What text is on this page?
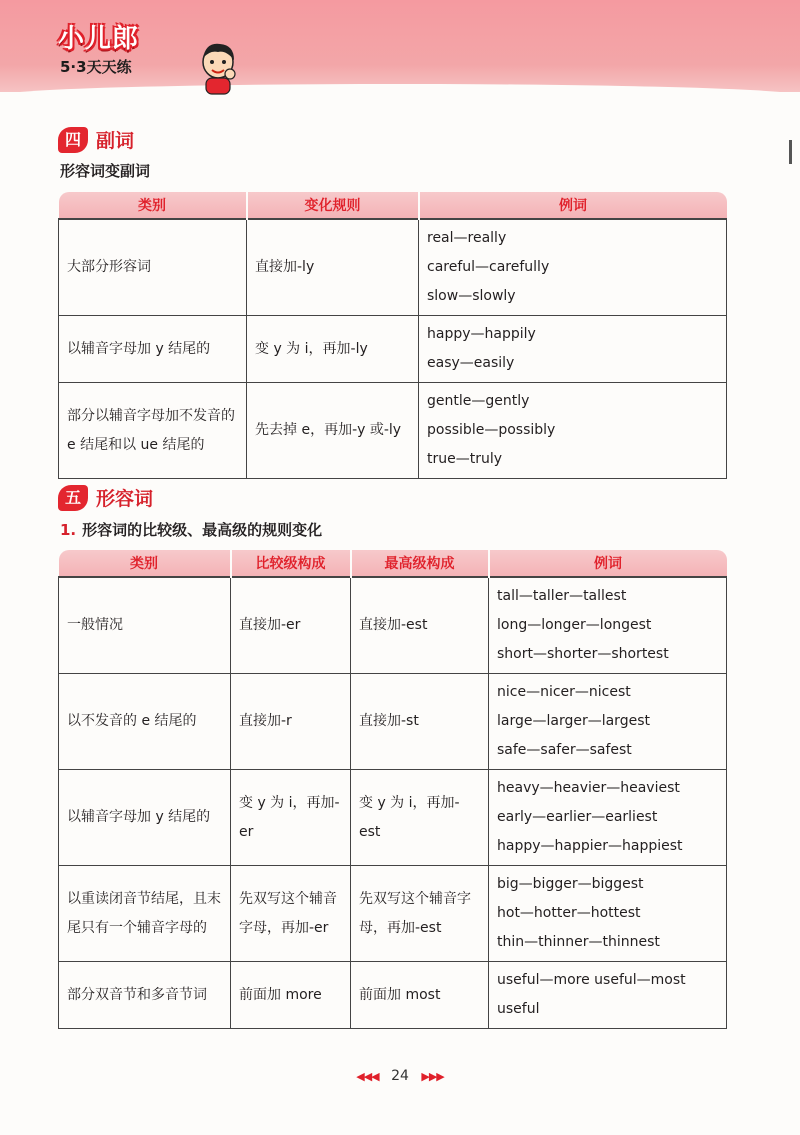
小儿郎
5·3天天练
四 副词
形容词变副词
类别	变化规则	例词
大部分形容词	直接加-ly	real—really
careful—carefully
slow—slowly

以辅音字母加 y 结尾的	变 y 为 i，再加-ly	happy—happily
easy—easily

部分以辅音字母加不发音的 e 结尾和以 ue 结尾的	先去掉 e，再加-y 或-ly	gentle—gently
possible—possibly
true—truly
五 形容词
1. 形容词的比较级、最高级的规则变化
类别	比较级构成	最高级构成	例词
一般情况	直接加-er	直接加-est	tall—taller—tallest
long—longer—longest
short—shorter—shortest

以不发音的 e 结尾的	直接加-r	直接加-st	nice—nicer—nicest
large—larger—largest
safe—safer—safest

以辅音字母加 y 结尾的	变 y 为 i，再加-er	变 y 为 i，再加-est	heavy—heavier—heaviest
early—earlier—earliest
happy—happier—happiest

以重读闭音节结尾，且末尾只有一个辅音字母的	先双写这个辅音字母，再加-er	先双写这个辅音字母，再加-est	big—bigger—biggest
hot—hotter—hottest
thin—thinner—thinnest

部分双音节和多音节词	前面加 more	前面加 most	useful—more useful—most
useful
◀◀◀ 24 ▶▶▶
